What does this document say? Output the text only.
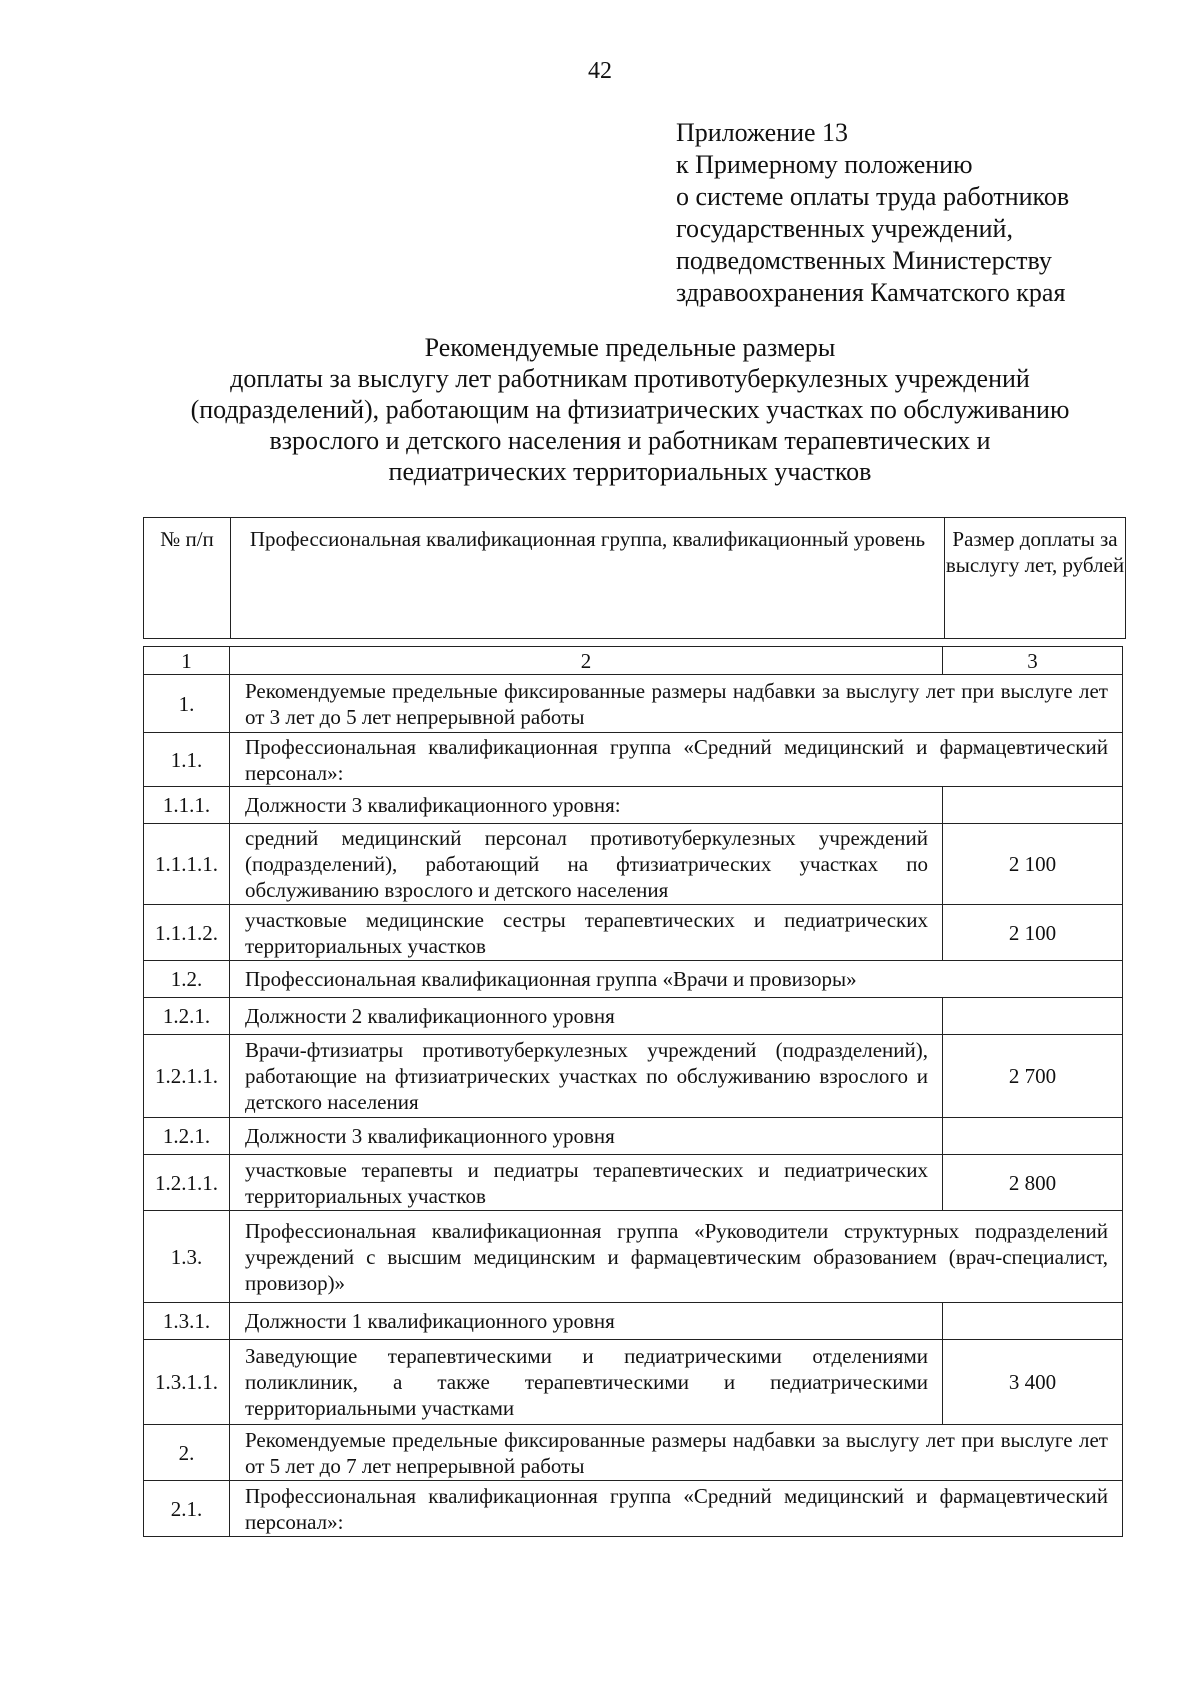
42
Приложение 13
к Примерному положению
о системе оплаты труда работников
государственных учреждений,
подведомственных Министерству
здравоохранения Камчатского края
Рекомендуемые предельные размеры
доплаты за выслугу лет работникам противотуберкулезных учреждений
(подразделений), работающим на фтизиатрических участках по обслуживанию
взрослого и детского населения и работникам терапевтических и
педиатрических территориальных участков
№ п/п	Профессиональная квалификационная группа, квалификационный уровень	Размер доплаты за выслугу лет, рублей
1	2	3
1.	Рекомендуемые предельные фиксированные размеры надбавки за выслугу лет при выслуге лет от 3 лет до 5 лет непрерывной работы	
1.1.	Профессиональная квалификационная группа «Средний медицинский и фармацевтический персонал»:	
1.1.1.	Должности 3 квалификационного уровня:	
1.1.1.1.	средний медицинский персонал противотуберкулезных учреждений (подразделений), работающий на фтизиатрических участках по обслуживанию взрослого и детского населения	2 100
1.1.1.2.	участковые медицинские сестры терапевтических и педиатрических территориальных участков	2 100
1.2.	Профессиональная квалификационная группа «Врачи и провизоры»	
1.2.1.	Должности 2 квалификационного уровня	
1.2.1.1.	Врачи-фтизиатры противотуберкулезных учреждений (подразделений), работающие на фтизиатрических участках по обслуживанию взрослого и детского населения	2 700
1.2.1.	Должности 3 квалификационного уровня	
1.2.1.1.	участковые терапевты и педиатры терапевтических и педиатрических территориальных участков	2 800
1.3.	Профессиональная квалификационная группа «Руководители структурных подразделений учреждений с высшим медицинским и фармацевтическим образованием (врач-специалист, провизор)»	
1.3.1.	Должности 1 квалификационного уровня	
1.3.1.1.	Заведующие терапевтическими и педиатрическими отделениями поликлиник, а также терапевтическими и педиатрическими территориальными участками	3 400
2.	Рекомендуемые предельные фиксированные размеры надбавки за выслугу лет при выслуге лет от 5 лет до 7 лет непрерывной работы	
2.1.	Профессиональная квалификационная группа «Средний медицинский и фармацевтический персонал»:	
